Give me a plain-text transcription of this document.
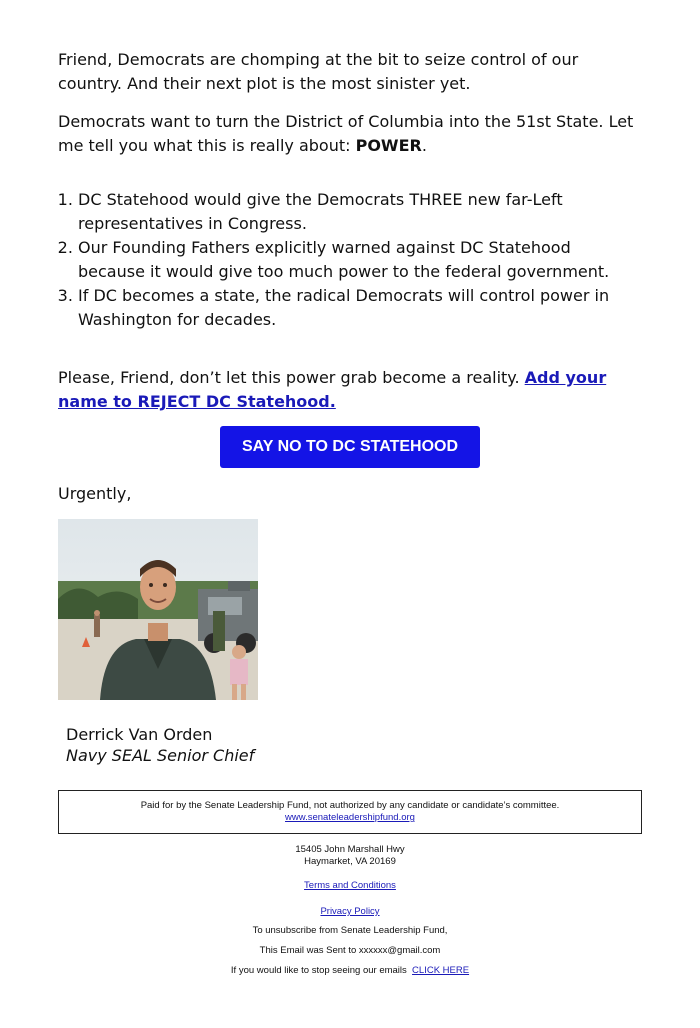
Friend, Democrats are chomping at the bit to seize control of our country. And their next plot is the most sinister yet.

Democrats want to turn the District of Columbia into the 51st State. Let me tell you what this is really about: POWER.

1. DC Statehood would give the Democrats THREE new far-Left representatives in Congress.
2. Our Founding Fathers explicitly warned against DC Statehood because it would give too much power to the federal government.
3. If DC becomes a state, the radical Democrats will control power in Washington for decades.

Please, Friend, don’t let this power grab become a reality. Add your name to REJECT DC Statehood.

SAY NO TO DC STATEHOOD
Urgently,
Derrick Van Orden
Navy SEAL Senior Chief
Paid for by the Senate Leadership Fund, not authorized by any candidate or candidate’s committee.
www.senateleadershipfund.org
15405 John Marshall Hwy
Haymarket, VA 20169
Terms and Conditions
Privacy Policy
To unsubscribe from Senate Leadership Fund,
This Email was Sent to xxxxxx@gmail.com
If you would like to stop seeing our emails CLICK HERE
